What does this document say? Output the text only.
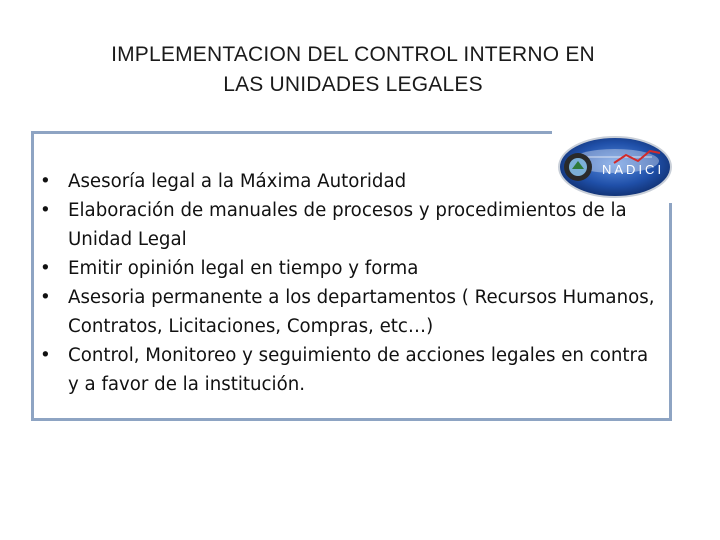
IMPLEMENTACION DEL CONTROL INTERNO EN
LAS UNIDADES LEGALES
NADICI
• Asesoría legal a la Máxima Autoridad
• Elaboración de manuales de procesos y procedimientos de la Unidad Legal
• Emitir opinión legal en tiempo y forma
• Asesoria permanente a los departamentos ( Recursos Humanos, Contratos, Licitaciones, Compras, etc…)
• Control, Monitoreo y seguimiento de acciones legales en contra y a favor de la institución.
